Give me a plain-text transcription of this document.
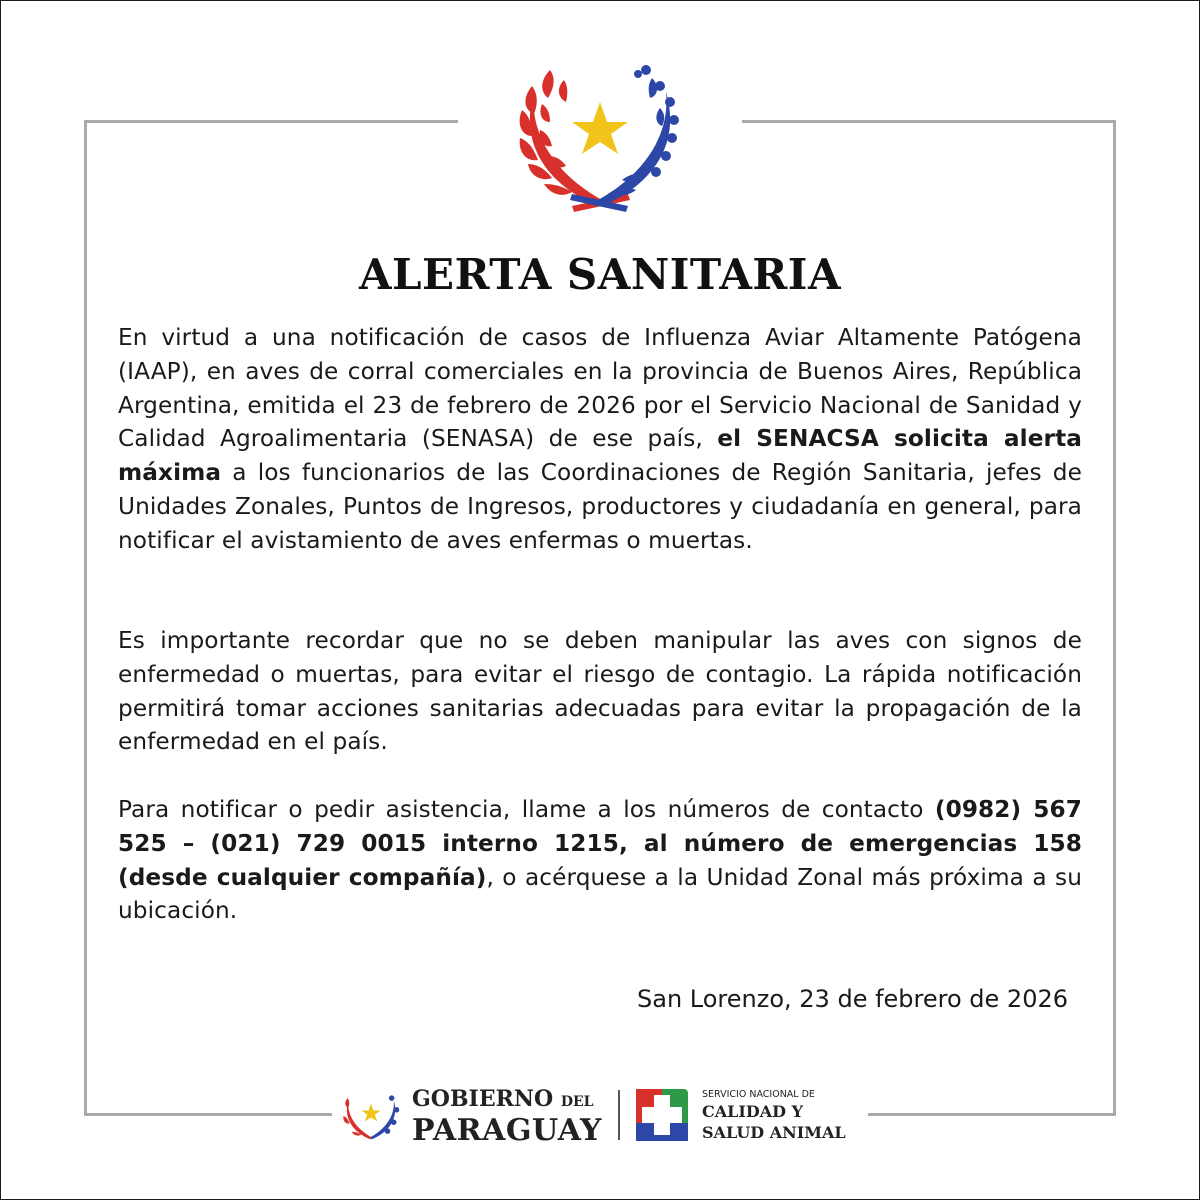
ALERTA SANITARIA

En virtud a una notificación de casos de Influenza Aviar Altamente Patógena (IAAP), en aves de corral comerciales en la provincia de Buenos Aires, República Argentina, emitida el 23 de febrero de 2026 por el Servicio Nacional de Sanidad y Calidad Agroalimentaria (SENASA) de ese país, el SENACSA solicita alerta máxima a los funcionarios de las Coordinaciones de Región Sanitaria, jefes de Unidades Zonales, Puntos de Ingresos, productores y ciudadanía en general, para notificar el avistamiento de aves enfermas o muertas.

Es importante recordar que no se deben manipular las aves con signos de enfermedad o muertas, para evitar el riesgo de contagio. La rápida notificación permitirá tomar acciones sanitarias adecuadas para evitar la propagación de la enfermedad en el país.

Para notificar o pedir asistencia, llame a los números de contacto (0982) 567 525 – (021) 729 0015 interno 1215, al número de emergencias 158 (desde cualquier compañía), o acérquese a la Unidad Zonal más próxima a su ubicación.

San Lorenzo, 23 de febrero de 2026
GOBIERNO DEL
PARAGUAY
SERVICIO NACIONAL DE
CALIDAD Y
SALUD ANIMAL
